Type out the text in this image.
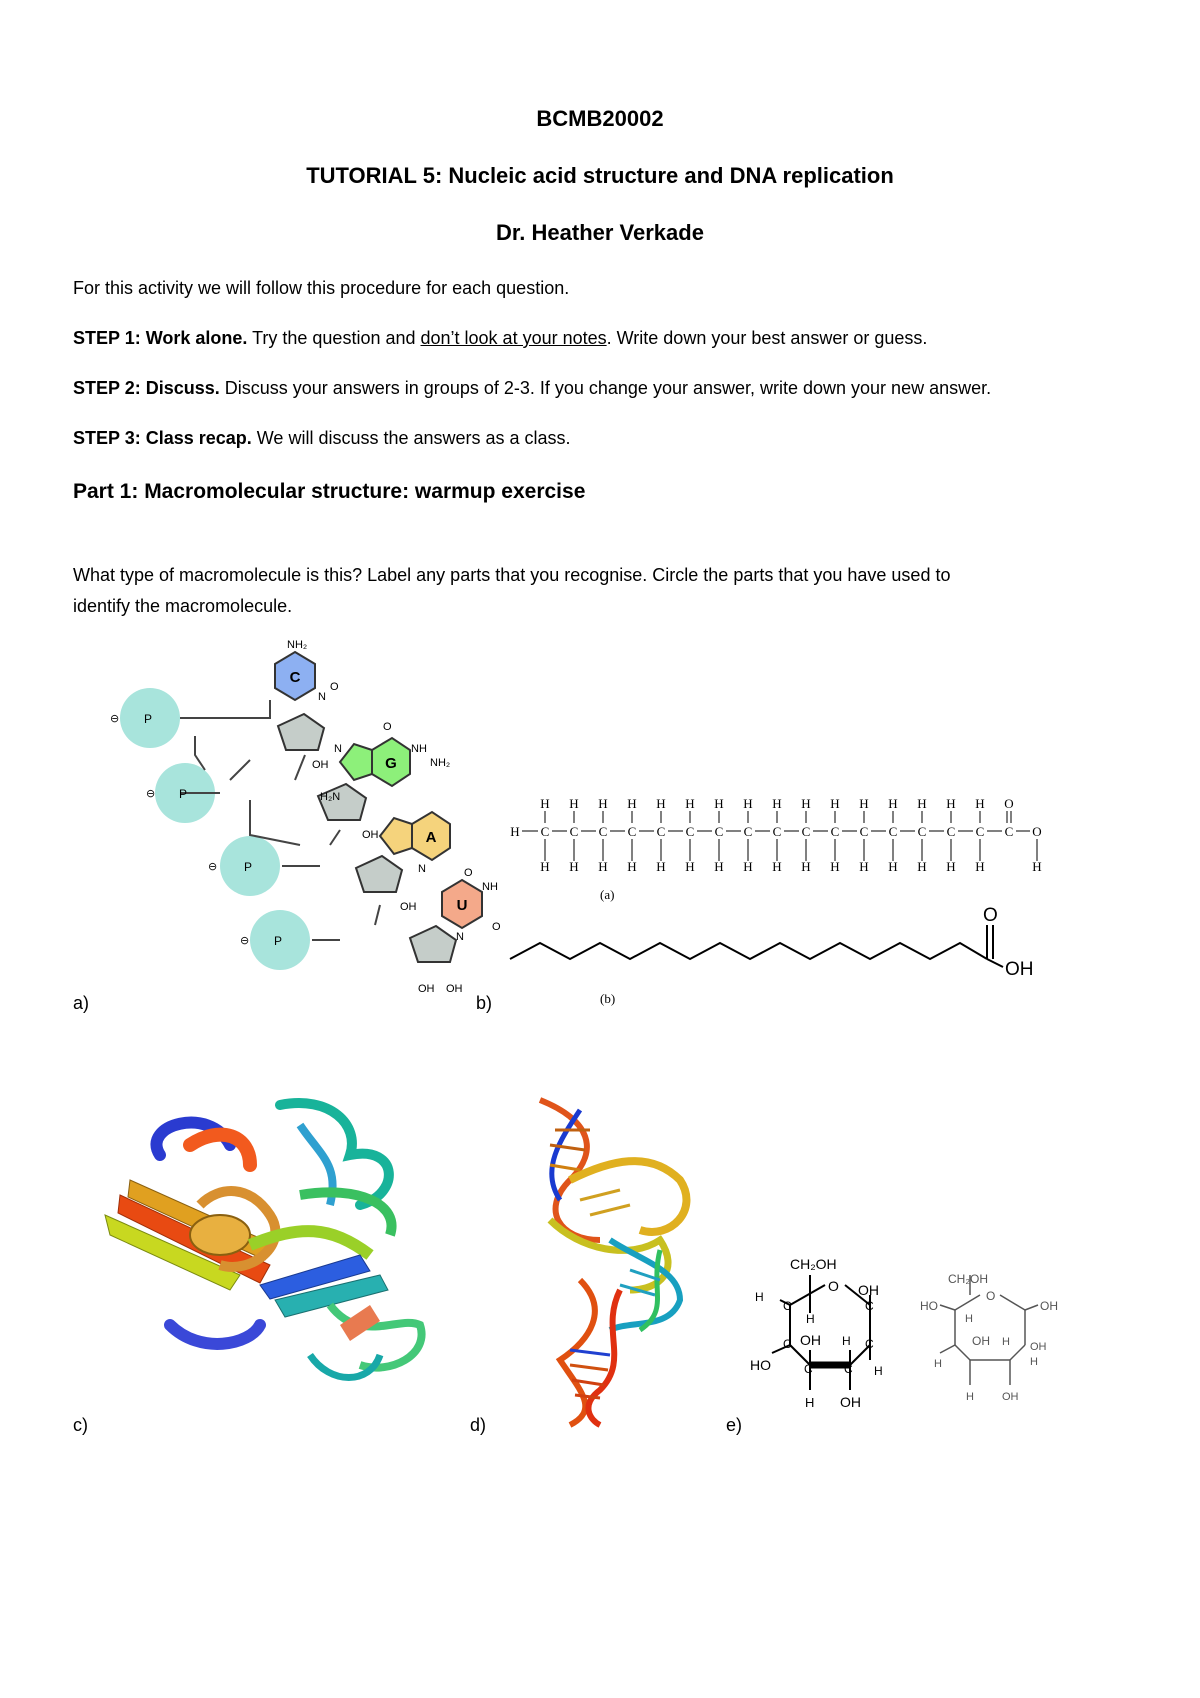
BCMB20002
TUTORIAL 5: Nucleic acid structure and DNA replication
Dr. Heather Verkade
For this activity we will follow this procedure for each question.
STEP 1: Work alone. Try the question and don’t look at your notes. Write down your best answer or guess.
STEP 2: Discuss. Discuss your answers in groups of 2-3. If you change your answer, write down your new answer.
STEP 3: Class recap. We will discuss the answers as a class.
Part 1: Macromolecular structure: warmup exercise
What type of macromolecule is this? Label any parts that you recognise. Circle the parts that you have used to
identify the macromolecule.
a)	b)
c)	d)	e)
C
G
A
U
NH₂
NH₂
H₂N
NH
NH
OH
OH
OH
OH OH
N
N
N
N
O
O
O
O
P
P
P
P
⊖
⊖
⊖
⊖
H C
H
H
C
H
H
C
H
H
C
H
H
C
H
H
C
H
H
C
H
H
C
H
H
C
H
H
C
H
H
C
H
H
C
H
H
C
H
H
C
H
H
C
H
H
C
H
H
C
O
O
H
(a)
(b)
O
OH
CH₂OH
O OH
H
C	C
H
C	C
OH H
HO	H
C	C
H OH
CH₂OH
O
HO	OH
H
OH H OH
H
H
H	OH
